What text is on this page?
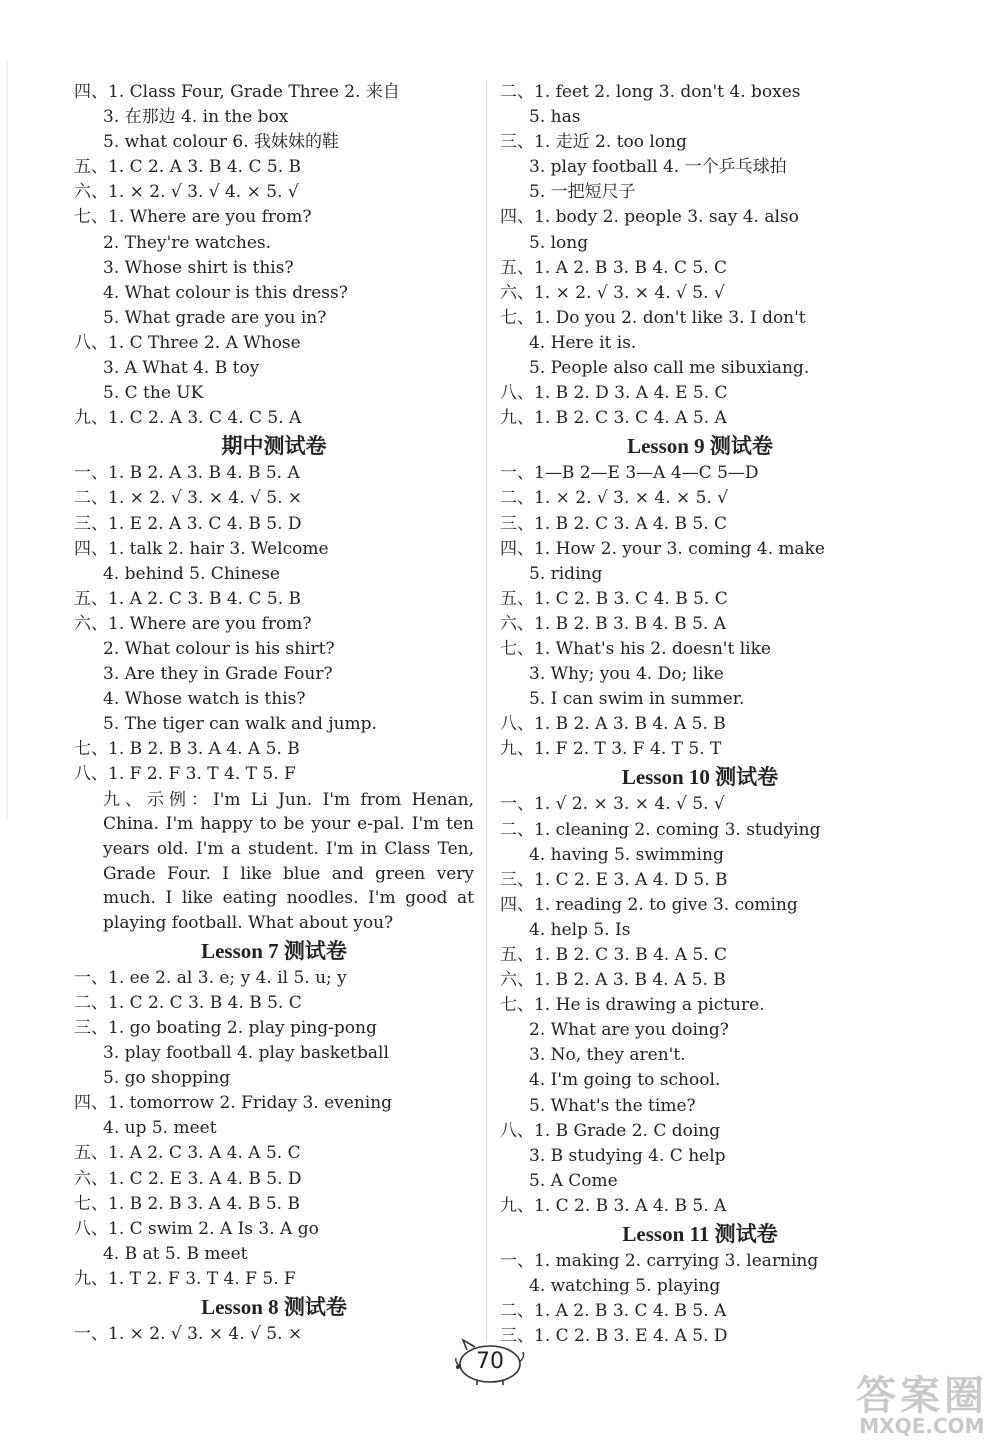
四、1. Class Four, Grade Three 2. 来自
3. 在那边 4. in the box
5. what colour 6. 我妹妹的鞋
五、1. C 2. A 3. B 4. C 5. B
六、1. × 2. √ 3. √ 4. × 5. √
七、1. Where are you from?
2. They're watches.
3. Whose shirt is this?
4. What colour is this dress?
5. What grade are you in?
八、1. C Three 2. A Whose
3. A What 4. B toy
5. C the UK
九、1. C 2. A 3. C 4. C 5. A
期中测试卷
一、1. B 2. A 3. B 4. B 5. A
二、1. × 2. √ 3. × 4. √ 5. ×
三、1. E 2. A 3. C 4. B 5. D
四、1. talk 2. hair 3. Welcome
4. behind 5. Chinese
五、1. A 2. C 3. B 4. C 5. B
六、1. Where are you from?
2. What colour is his shirt?
3. Are they in Grade Four?
4. Whose watch is this?
5. The tiger can walk and jump.
七、1. B 2. B 3. A 4. A 5. B
八、1. F 2. F 3. T 4. T 5. F
九、示例：I'm Li Jun. I'm from Henan, China. I'm happy to be your e-pal. I'm ten years old. I'm a student. I'm in Class Ten, Grade Four. I like blue and green very much. I like eating noodles. I'm good at playing football. What about you?
Lesson 7 测试卷
一、1. ee 2. al 3. e; y 4. il 5. u; y
二、1. C 2. C 3. B 4. B 5. C
三、1. go boating 2. play ping-pong
3. play football 4. play basketball
5. go shopping
四、1. tomorrow 2. Friday 3. evening
4. up 5. meet
五、1. A 2. C 3. A 4. A 5. C
六、1. C 2. E 3. A 4. B 5. D
七、1. B 2. B 3. A 4. B 5. B
八、1. C swim 2. A Is 3. A go
4. B at 5. B meet
九、1. T 2. F 3. T 4. F 5. F
Lesson 8 测试卷
一、1. × 2. √ 3. × 4. √ 5. ×
二、1. feet 2. long 3. don't 4. boxes
5. has
三、1. 走近 2. too long
3. play football 4. 一个乒乓球拍
5. 一把短尺子
四、1. body 2. people 3. say 4. also
5. long
五、1. A 2. B 3. B 4. C 5. C
六、1. × 2. √ 3. × 4. √ 5. √
七、1. Do you 2. don't like 3. I don't
4. Here it is.
5. People also call me sibuxiang.
八、1. B 2. D 3. A 4. E 5. C
九、1. B 2. C 3. C 4. A 5. A
Lesson 9 测试卷
一、1—B 2—E 3—A 4—C 5—D
二、1. × 2. √ 3. × 4. × 5. √
三、1. B 2. C 3. A 4. B 5. C
四、1. How 2. your 3. coming 4. make
5. riding
五、1. C 2. B 3. C 4. B 5. C
六、1. B 2. B 3. B 4. B 5. A
七、1. What's his 2. doesn't like
3. Why; you 4. Do; like
5. I can swim in summer.
八、1. B 2. A 3. B 4. A 5. B
九、1. F 2. T 3. F 4. T 5. T
Lesson 10 测试卷
一、1. √ 2. × 3. × 4. √ 5. √
二、1. cleaning 2. coming 3. studying
4. having 5. swimming
三、1. C 2. E 3. A 4. D 5. B
四、1. reading 2. to give 3. coming
4. help 5. Is
五、1. B 2. C 3. B 4. A 5. C
六、1. B 2. A 3. B 4. A 5. B
七、1. He is drawing a picture.
2. What are you doing?
3. No, they aren't.
4. I'm going to school.
5. What's the time?
八、1. B Grade 2. C doing
3. B studying 4. C help
5. A Come
九、1. C 2. B 3. A 4. B 5. A
Lesson 11 测试卷
一、1. making 2. carrying 3. learning
4. watching 5. playing
二、1. A 2. B 3. C 4. B 5. A
三、1. C 2. B 3. E 4. A 5. D
70
答案圈
MXQE.COM
